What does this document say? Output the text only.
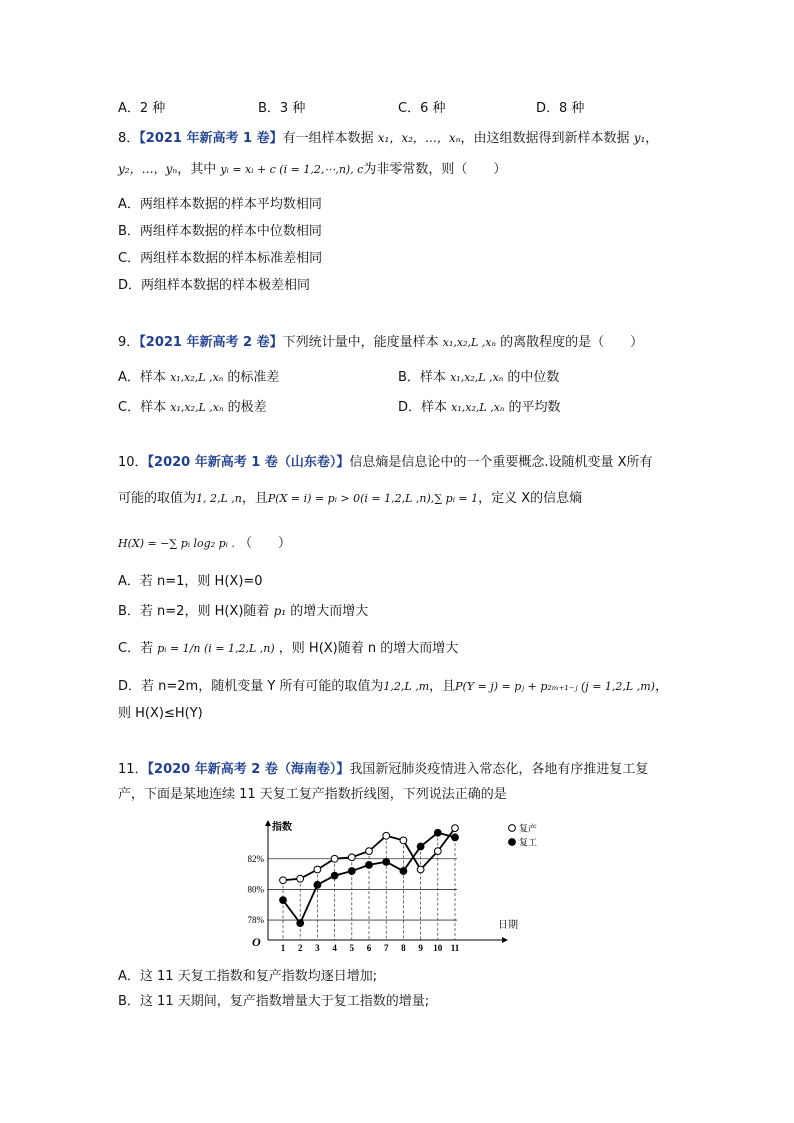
A．2 种	B．3 种	C．6 种	D．8 种
8．【2021 年新高考 1 卷】有一组样本数据 x₁，x₂，…，xₙ，由这组数据得到新样本数据 y₁，
y₂，…，yₙ，其中 yᵢ = xᵢ + c (i = 1,2,⋯,n), c为非零常数，则（　　）
A．两组样本数据的样本平均数相同
B．两组样本数据的样本中位数相同
C．两组样本数据的样本标准差相同
D．两组样本数据的样本极差相同
9．【2021 年新高考 2 卷】下列统计量中，能度量样本 x₁,x₂,L ,xₙ 的离散程度的是（　　）
A．样本 x₁,x₂,L ,xₙ 的标准差	B．样本 x₁,x₂,L ,xₙ 的中位数
C．样本 x₁,x₂,L ,xₙ 的极差	D．样本 x₁,x₂,L ,xₙ 的平均数
10．【2020 年新高考 1 卷（山东卷）】信息熵是信息论中的一个重要概念.设随机变量 X所有
可能的取值为1, 2,L ,n，且P(X = i) = pᵢ > 0(i = 1,2,L ,n),∑ pᵢ = 1，定义 X的信息熵
H(X) = −∑ pᵢ log₂ pᵢ . （　　）
A．若 n=1，则 H(X)=0
B．若 n=2，则 H(X)随着 p₁ 的增大而增大
C．若 pᵢ = 1/n (i = 1,2,L ,n) ，则 H(X)随着 n 的增大而增大
D．若 n=2m，随机变量 Y 所有可能的取值为1,2,L ,m，且P(Y = j) = pⱼ + p₂ₘ₊₁₋ⱼ (j = 1,2,L ,m)，
则 H(X)≤H(Y)
11．【2020 年新高考 2 卷（海南卷）】我国新冠肺炎疫情进入常态化，各地有序推进复工复
产，下面是某地连续 11 天复工复产指数折线图，下列说法正确的是
78%
80%
82%
指数
日期
O 1 2 3 4 5 6 7 8 9 10 11
复产
复工
A．这 11 天复工指数和复产指数均逐日增加;
B．这 11 天期间，复产指数增量大于复工指数的增量;
